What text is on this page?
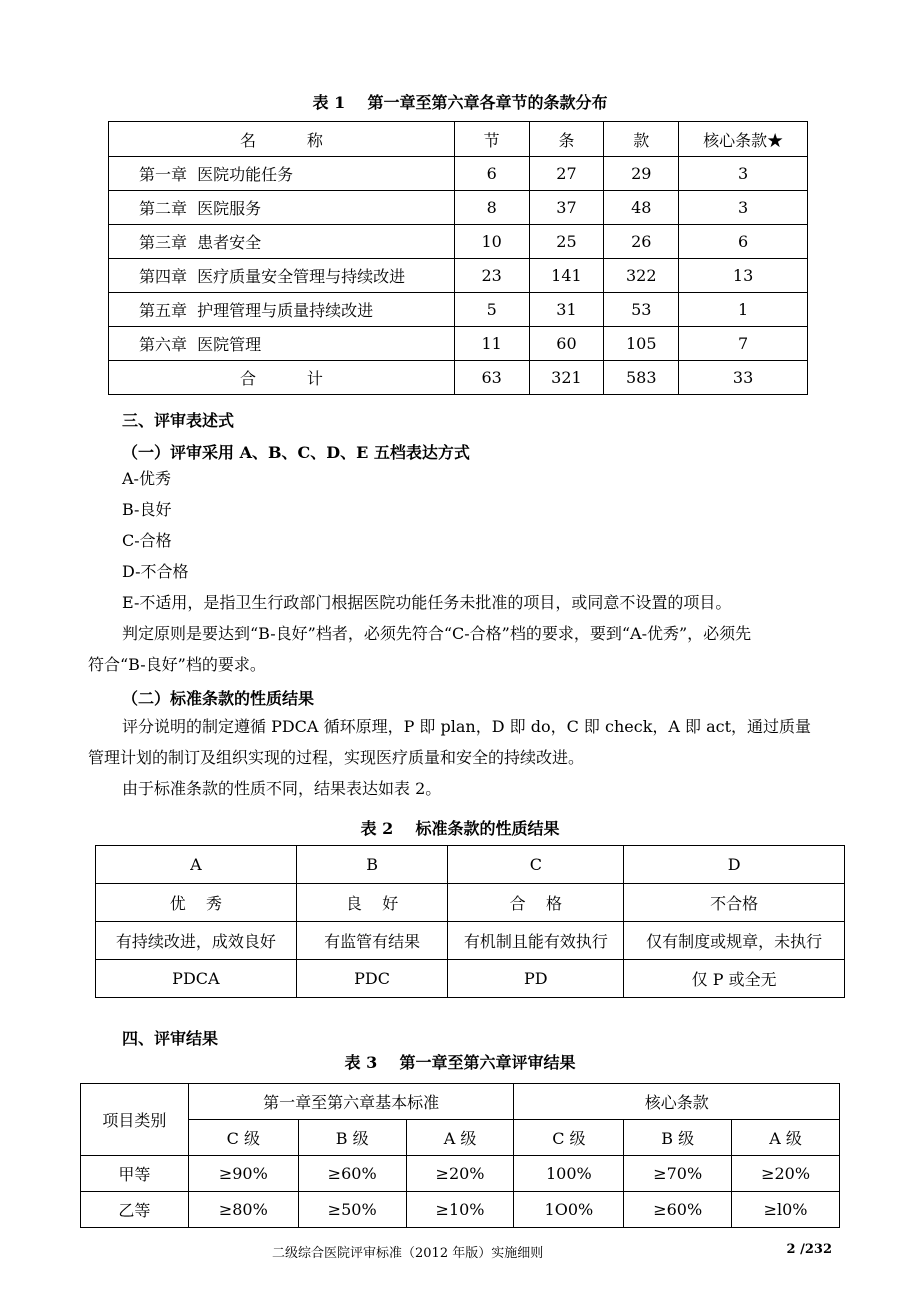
表 1    第一章至第六章各章节的条款分布
名          称	节	条	款	核心条款★
第一章  医院功能任务	6	27	29	3
第二章  医院服务	8	37	48	3
第三章  患者安全	10	25	26	6
第四章  医疗质量安全管理与持续改进	23	141	322	13
第五章  护理管理与质量持续改进	5	31	53	1
第六章  医院管理	11	60	105	7
合          计	63	321	583	33
三、评审表述式
（一）评审采用 A、B、C、D、E 五档表达方式
A-优秀
B-良好
C-合格
D-不合格
E-不适用，是指卫生行政部门根据医院功能任务未批准的项目，或同意不设置的项目。
判定原则是要达到“B-良好”档者，必须先符合“C-合格”档的要求，要到“A-优秀”，必须先
符合“B-良好”档的要求。
（二）标准条款的性质结果
评分说明的制定遵循 PDCA 循环原理，P 即 plan，D 即 do，C 即 check，A 即 act，通过质量
管理计划的制订及组织实现的过程，实现医疗质量和安全的持续改进。
由于标准条款的性质不同，结果表达如表 2。
表 2    标准条款的性质结果
A	B	C	D
优    秀	良    好	合    格	不合格
有持续改进，成效良好	有监管有结果	有机制且能有效执行	仅有制度或规章，未执行
PDCA	PDC	PD	仅 P 或全无
四、评审结果
表 3    第一章至第六章评审结果
项目类别	第一章至第六章基本标准			核心条款		
	C 级	B 级	A 级	C 级	B 级	A 级
甲等	≥90%	≥60%	≥20%	100%	≥70%	≥20%
乙等	≥80%	≥50%	≥10%	1O0%	≥60%	≥l0%
二级综合医院评审标准（2012 年版）实施细则	2 /232
